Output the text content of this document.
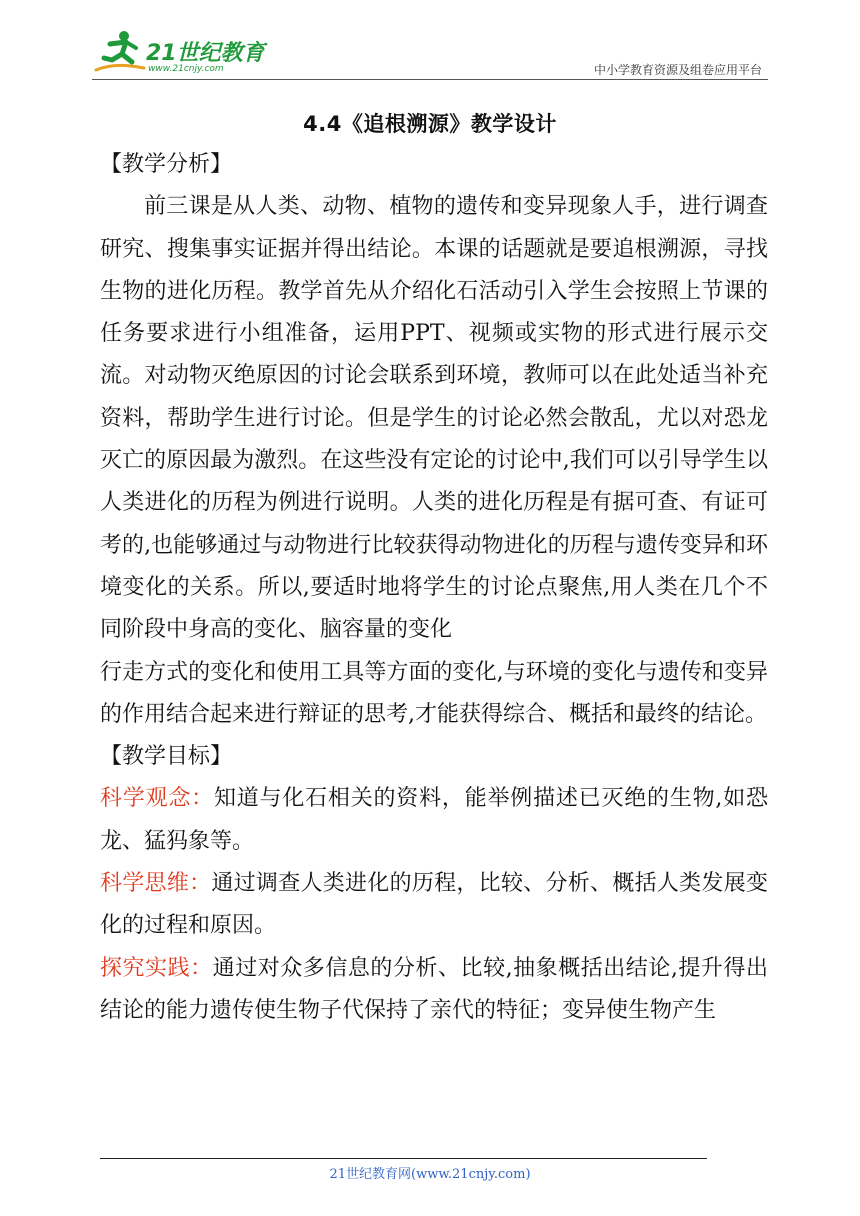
21世纪教育
www.21cnjy.com	中小学教育资源及组卷应用平台
4.4《追根溯源》教学设计

【教学分析】

前三课是从人类、动物、植物的遗传和变异现象人手，进行调查研究、搜集事实证据并得出结论。本课的话题就是要追根溯源，寻找生物的进化历程。教学首先从介绍化石活动引入学生会按照上节课的任务要求进行小组准备，运用PPT、视频或实物的形式进行展示交流。对动物灭绝原因的讨论会联系到环境，教师可以在此处适当补充资料，帮助学生进行讨论。但是学生的讨论必然会散乱，尤以对恐龙灭亡的原因最为激烈。在这些没有定论的讨论中,我们可以引导学生以人类进化的历程为例进行说明。人类的进化历程是有据可查、有证可考的,也能够通过与动物进行比较获得动物进化的历程与遗传变异和环境变化的关系。所以,要适时地将学生的讨论点聚焦,用人类在几个不同阶段中身高的变化、脑容量的变化

行走方式的变化和使用工具等方面的变化,与环境的变化与遗传和变异的作用结合起来进行辩证的思考,才能获得综合、概括和最终的结论。

【教学目标】

科学观念：知道与化石相关的资料，能举例描述已灭绝的生物,如恐龙、猛犸象等。

科学思维：通过调查人类进化的历程，比较、分析、概括人类发展变化的过程和原因。

探究实践：通过对众多信息的分析、比较,抽象概括出结论,提升得出结论的能力遗传使生物子代保持了亲代的特征；变异使生物产生

21世纪教育网(www.21cnjy.com)
